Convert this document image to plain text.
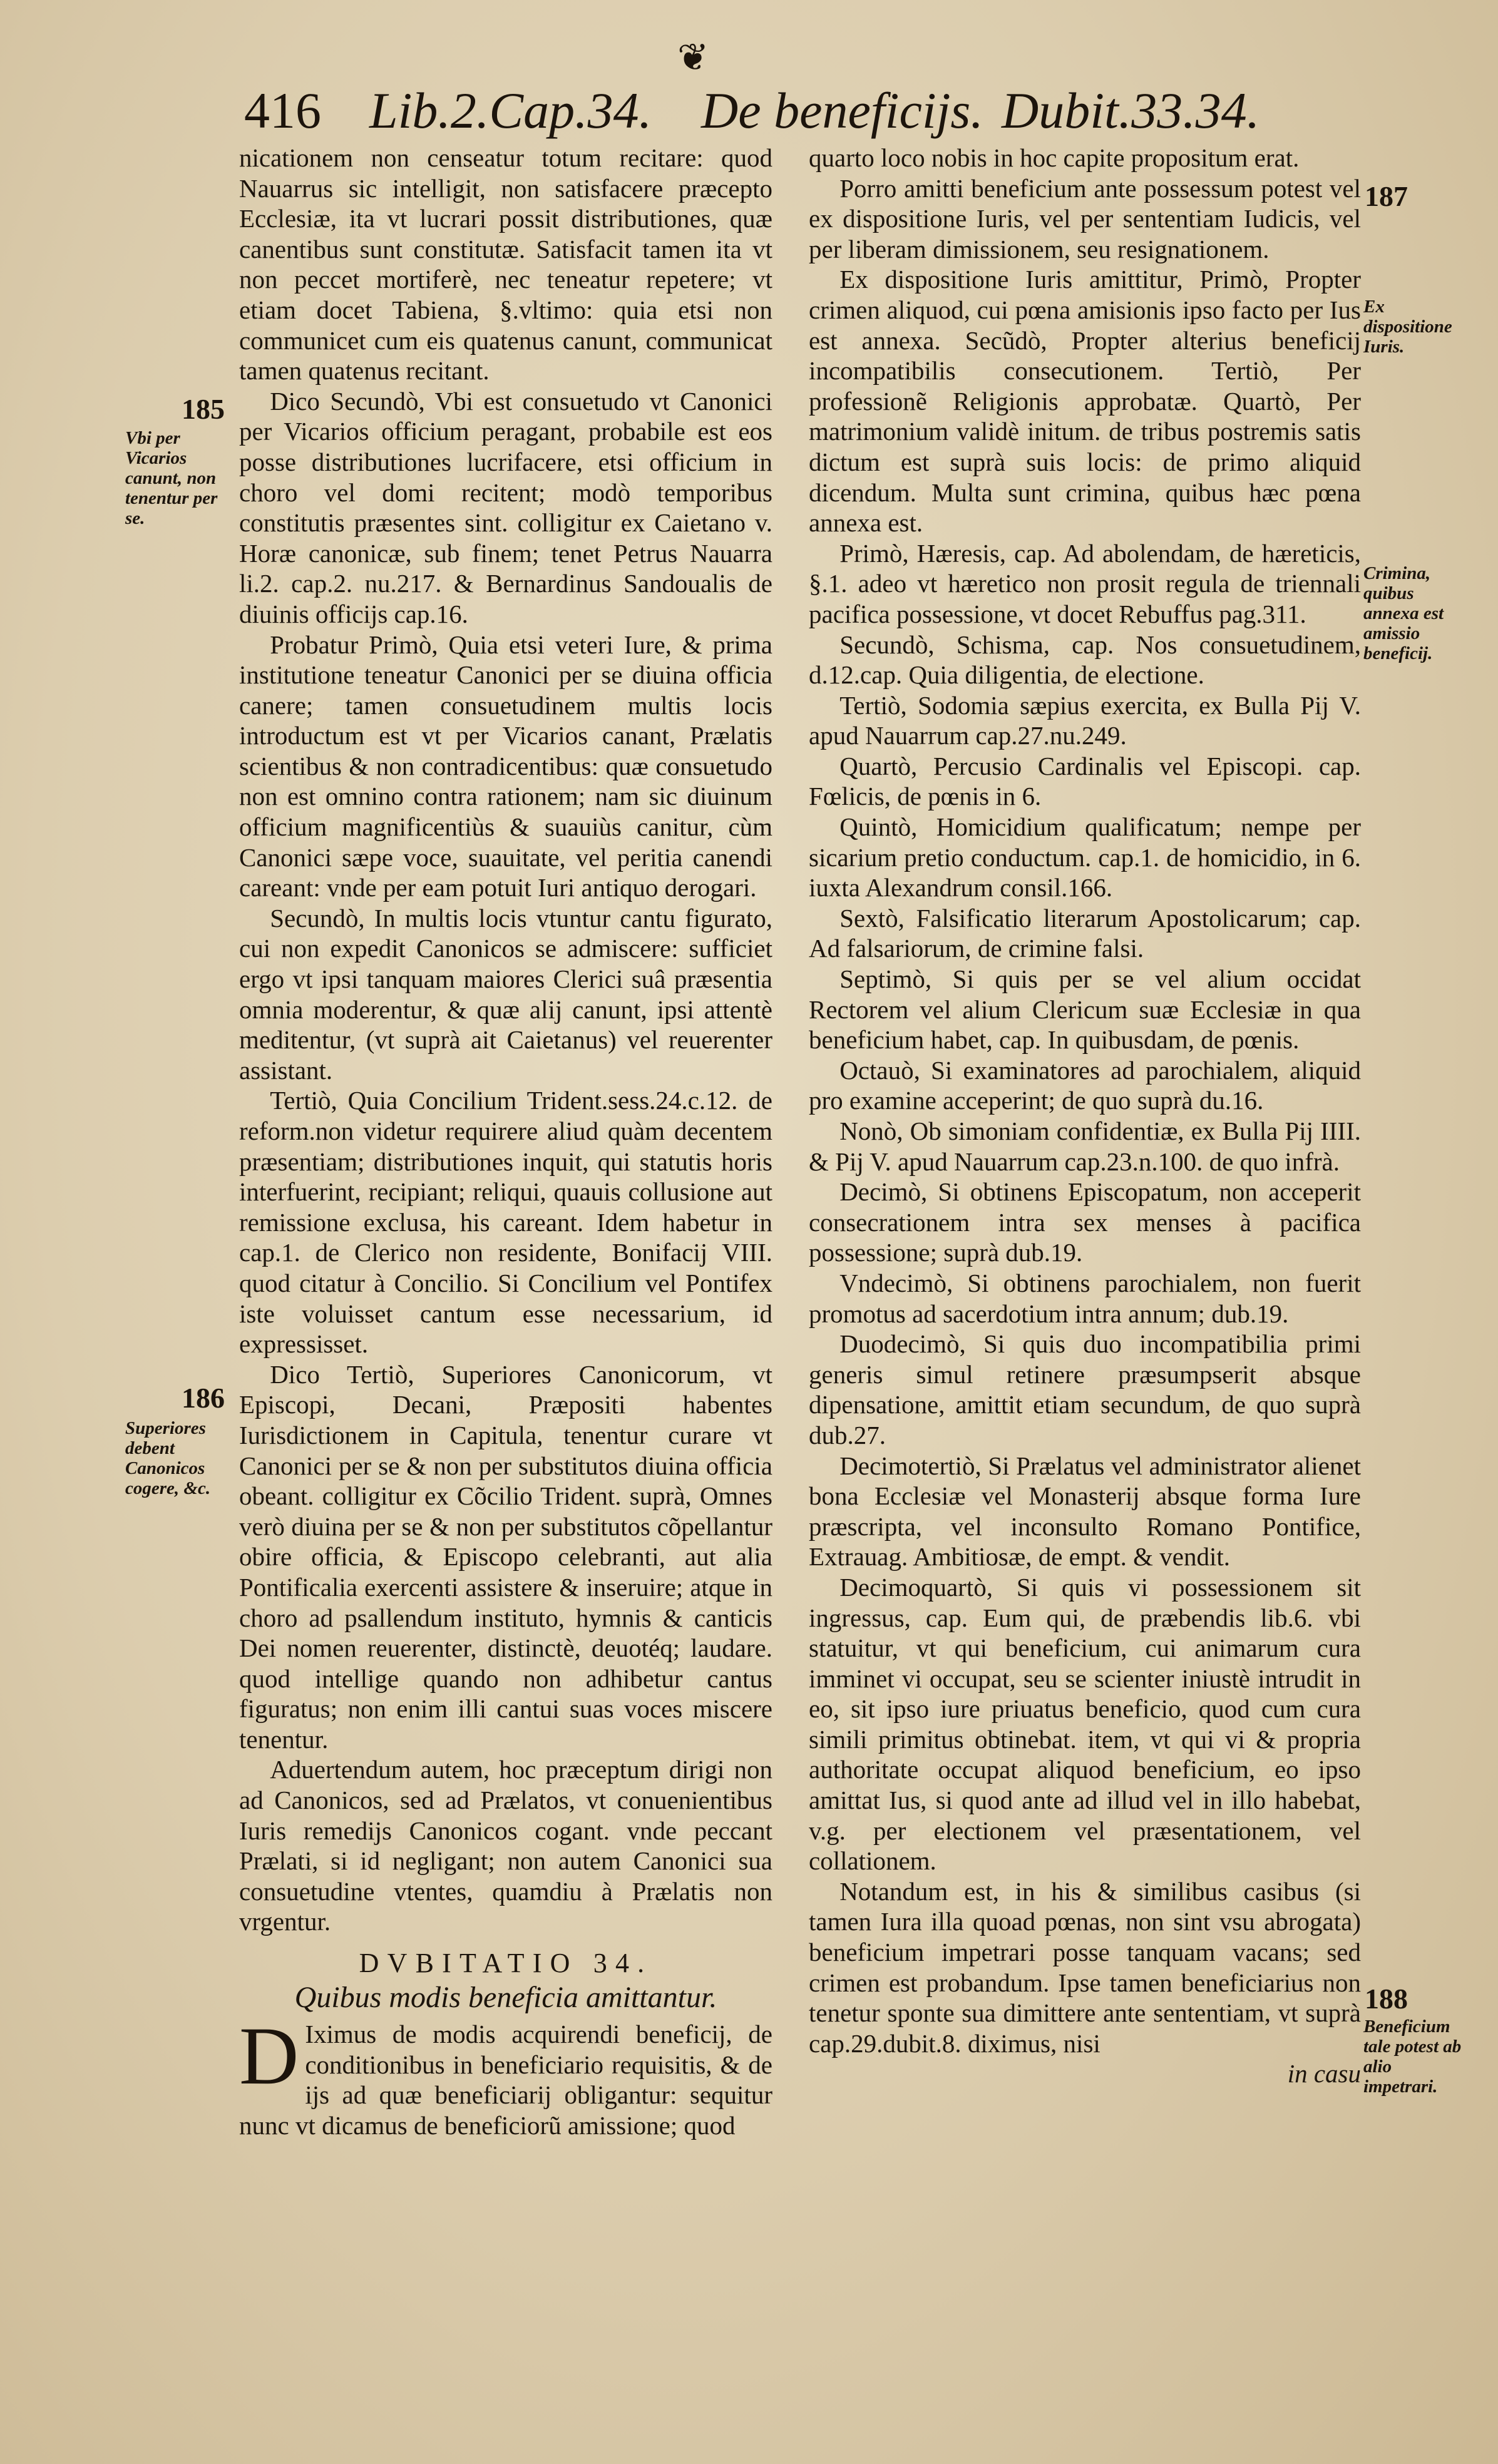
❦
416 Lib.2.Cap.34. De beneficijs. Dubit.33.34.

nicationem non censeatur totum recitare: quod Nauarrus sic intelligit, non satisfacere præcepto Ecclesiæ, ita vt lucrari possit distributiones, quæ canentibus sunt constitutæ. Satisfacit tamen ita vt non peccet mortiferè, nec teneatur repetere; vt etiam docet Tabiena, §.vltimo: quia etsi non communicet cum eis quatenus canunt, communicat tamen quatenus recitant.

Dico Secundò, Vbi est consuetudo vt Canonici per Vicarios officium peragant, probabile est eos posse distributiones lucrifacere, etsi officium in choro vel domi recitent; modò temporibus constitutis præsentes sint. colligitur ex Caietano v. Horæ canonicæ, sub finem; tenet Petrus Nauarra li.2. cap.2. nu.217. & Bernardinus Sandoualis de diuinis officijs cap.16.

Probatur Primò, Quia etsi veteri Iure, & prima institutione teneatur Canonici per se diuina officia canere; tamen consuetudinem multis locis introductum est vt per Vicarios canant, Prælatis scientibus & non contradicentibus: quæ consuetudo non est omnino contra rationem; nam sic diuinum officium magnificentiùs & suauiùs canitur, cùm Canonici sæpe voce, suauitate, vel peritia canendi careant: vnde per eam potuit Iuri antiquo derogari.

Secundò, In multis locis vtuntur cantu figurato, cui non expedit Canonicos se admiscere: sufficiet ergo vt ipsi tanquam maiores Clerici suâ præsentia omnia moderentur, & quæ alij canunt, ipsi attentè meditentur, (vt suprà ait Caietanus) vel reuerenter assistant.

Tertiò, Quia Concilium Trident.sess.24.c.12. de reform.non videtur requirere aliud quàm decentem præsentiam; distributiones inquit, qui statutis horis interfuerint, recipiant; reliqui, quauis collusione aut remissione exclusa, his careant. Idem habetur in cap.1. de Clerico non residente, Bonifacij VIII. quod citatur à Concilio. Si Concilium vel Pontifex iste voluisset cantum esse necessarium, id expressisset.

Dico Tertiò, Superiores Canonicorum, vt Episcopi, Decani, Præpositi habentes Iurisdictionem in Capitula, tenentur curare vt Canonici per se & non per substitutos diuina officia obeant. colligitur ex Cõcilio Trident. suprà, Omnes verò diuina per se & non per substitutos cõpellantur obire officia, & Episcopo celebranti, aut alia Pontificalia exercenti assistere & inseruire; atque in choro ad psallendum instituto, hymnis & canticis Dei nomen reuerenter, distinctè, deuotéq; laudare. quod intellige quando non adhibetur cantus figuratus; non enim illi cantui suas voces miscere tenentur.

Aduertendum autem, hoc præceptum dirigi non ad Canonicos, sed ad Prælatos, vt conuenientibus Iuris remedijs Canonicos cogant. vnde peccant Prælati, si id negligant; non autem Canonici sua consuetudine vtentes, quamdiu à Prælatis non vrgentur.

DVBITATIO 34.
Quibus modis beneficia amittantur.

D Iximus de modis acquirendi beneficij, de conditionibus in beneficiario requisitis, & de ijs ad quæ beneficiarij obligantur: sequitur nunc vt dicamus de beneficiorũ amissione; quod

quarto loco nobis in hoc capite propositum erat.

Porro amitti beneficium ante possessum potest vel ex dispositione Iuris, vel per sententiam Iudicis, vel per liberam dimissionem, seu resignationem.

Ex dispositione Iuris amittitur, Primò, Propter crimen aliquod, cui pœna amisionis ipso facto per Ius est annexa. Secũdò, Propter alterius beneficij incompatibilis consecutionem. Tertiò, Per professionẽ Religionis approbatæ. Quartò, Per matrimonium validè initum. de tribus postremis satis dictum est suprà suis locis: de primo aliquid dicendum. Multa sunt crimina, quibus hæc pœna annexa est.

Primò, Hæresis, cap. Ad abolendam, de hæreticis, §.1. adeo vt hæretico non prosit regula de triennali pacifica possessione, vt docet Rebuffus pag.311.

Secundò, Schisma, cap. Nos consuetudinem, d.12.cap. Quia diligentia, de electione.

Tertiò, Sodomia sæpius exercita, ex Bulla Pij V. apud Nauarrum cap.27.nu.249.

Quartò, Percusio Cardinalis vel Episcopi. cap. Fœlicis, de pœnis in 6.

Quintò, Homicidium qualificatum; nempe per sicarium pretio conductum. cap.1. de homicidio, in 6. iuxta Alexandrum consil.166.

Sextò, Falsificatio literarum Apostolicarum; cap. Ad falsariorum, de crimine falsi.

Septimò, Si quis per se vel alium occidat Rectorem vel alium Clericum suæ Ecclesiæ in qua beneficium habet, cap. In quibusdam, de pœnis.

Octauò, Si examinatores ad parochialem, aliquid pro examine acceperint; de quo suprà du.16.

Nonò, Ob simoniam confidentiæ, ex Bulla Pij IIII. & Pij V. apud Nauarrum cap.23.n.100. de quo infrà.

Decimò, Si obtinens Episcopatum, non acceperit consecrationem intra sex menses à pacifica possessione; suprà dub.19.

Vndecimò, Si obtinens parochialem, non fuerit promotus ad sacerdotium intra annum; dub.19.

Duodecimò, Si quis duo incompatibilia primi generis simul retinere præsumpserit absque dipensatione, amittit etiam secundum, de quo suprà dub.27.

Decimotertiò, Si Prælatus vel administrator alienet bona Ecclesiæ vel Monasterij absque forma Iure præscripta, vel inconsulto Romano Pontifice, Extrauag. Ambitiosæ, de empt. & vendit.

Decimoquartò, Si quis vi possessionem sit ingressus, cap. Eum qui, de præbendis lib.6. vbi statuitur, vt qui beneficium, cui animarum cura imminet vi occupat, seu se scienter iniustè intrudit in eo, sit ipso iure priuatus beneficio, quod cum cura simili primitus obtinebat. item, vt qui vi & propria authoritate occupat aliquod beneficium, eo ipso amittat Ius, si quod ante ad illud vel in illo habebat, v.g. per electionem vel præsentationem, vel collationem.

Notandum est, in his & similibus casibus (si tamen Iura illa quoad pœnas, non sint vsu abrogata) beneficium impetrari posse tanquam vacans; sed crimen est probandum. Ipse tamen beneficiarius non tenetur sponte sua dimittere ante sententiam, vt suprà cap.29.dubit.8. diximus, nisi

in casu

185
Vbi per Vicarios canunt, non tenentur per se.
186
Superiores debent Canonicos cogere, &c.
187
Ex dispositione Iuris.
Crimina, quibus annexa est amissio beneficij.
188
Beneficium tale potest ab alio impetrari.
